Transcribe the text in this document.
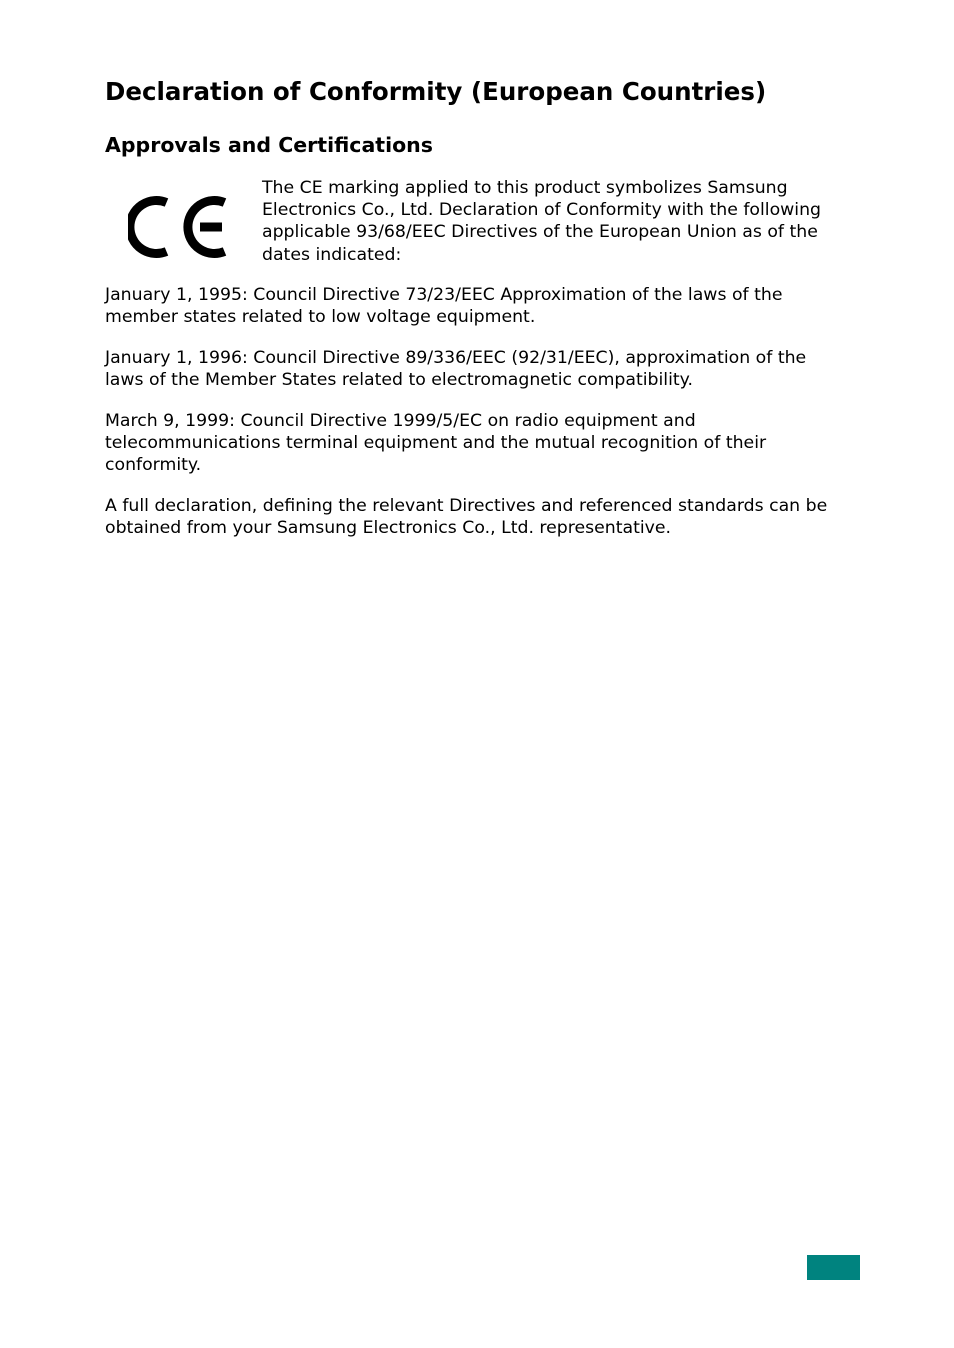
Declaration of Conformity (European Countries)
Approvals and Certifications

The CE marking applied to this product symbolizes Samsung
Electronics Co., Ltd. Declaration of Conformity with the following
applicable 93/68/EEC Directives of the European Union as of the
dates indicated:

January 1, 1995: Council Directive 73/23/EEC Approximation of the laws of the
member states related to low voltage equipment.

January 1, 1996: Council Directive 89/336/EEC (92/31/EEC), approximation of the
laws of the Member States related to electromagnetic compatibility.

March 9, 1999: Council Directive 1999/5/EC on radio equipment and
telecommunications terminal equipment and the mutual recognition of their
conformity.

A full declaration, defining the relevant Directives and referenced standards can be
obtained from your Samsung Electronics Co., Ltd. representative.
